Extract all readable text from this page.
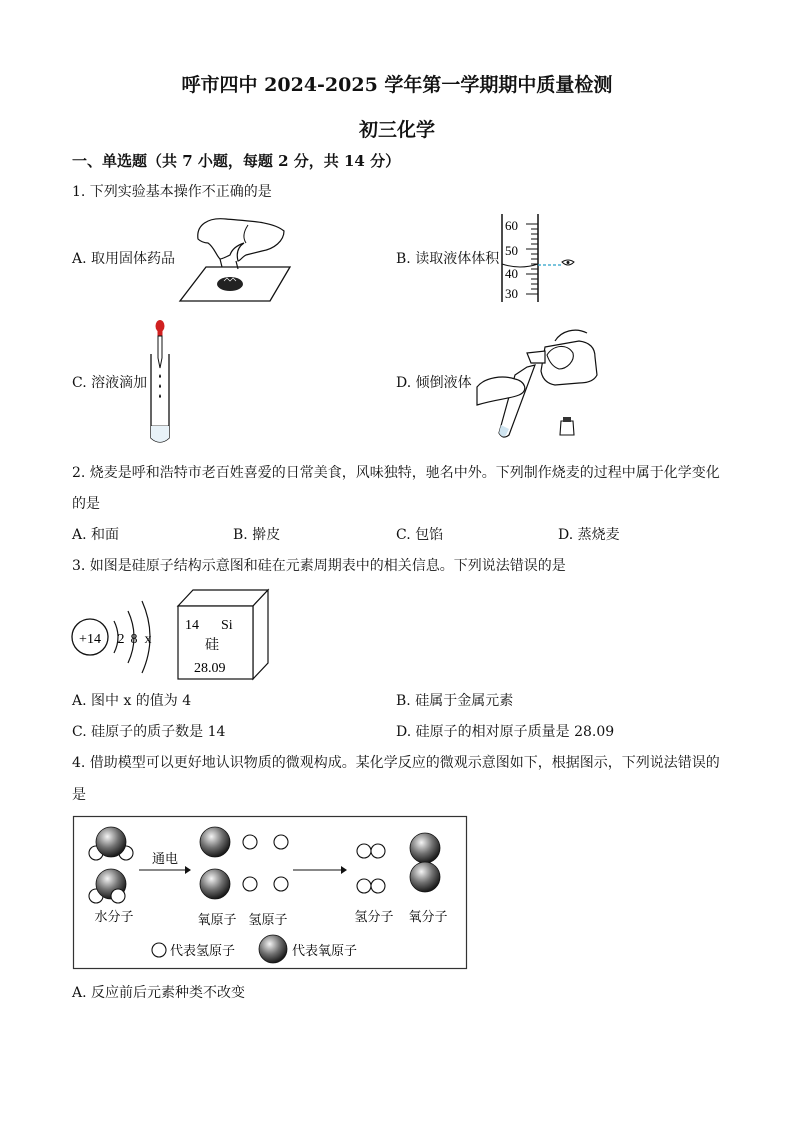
呼市四中 2024-2025 学年第一学期期中质量检测
初三化学
一、单选题（共 7 小题，每题 2 分，共 14 分）
1. 下列实验基本操作不正确的是
A. 取用固体药品	B. 读取液体体积
60
50
40
30
C. 溶液滴加	D. 倾倒液体
2. 烧麦是呼和浩特市老百姓喜爱的日常美食，风味独特，驰名中外。下列制作烧麦的过程中属于化学变化
的是
A. 和面	B. 擀皮	C. 包馅	D. 蒸烧麦
3. 如图是硅原子结构示意图和硅在元素周期表中的相关信息。下列说法错误的是
+14 2 8 x
14 Si
硅
28.09
A. 图中 x 的值为 4	B. 硅属于金属元素
C. 硅原子的质子数是 14	D. 硅原子的相对原子质量是 28.09
4. 借助模型可以更好地认识物质的微观构成。某化学反应的微观示意图如下，根据图示，下列说法错误的
是
通电
水分子	氧原子 氢原子	氢分子 氧分子
代表氢原子	代表氧原子
A. 反应前后元素种类不改变
